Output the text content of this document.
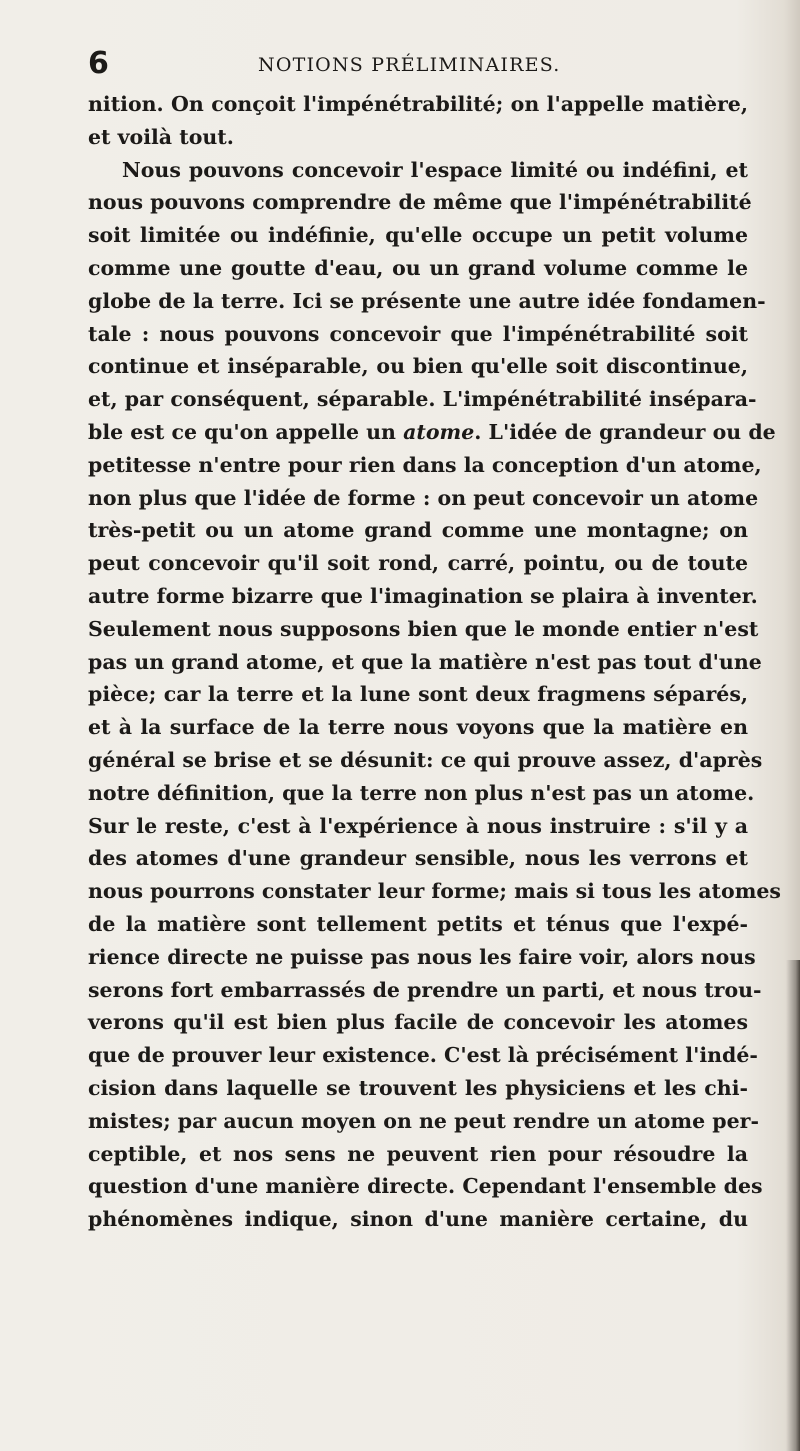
6	NOTIONS PRÉLIMINAIRES.
nition. On conçoit l'impénétrabilité; on l'appelle matière,
et voilà tout.
Nous pouvons concevoir l'espace limité ou indéfini, et
nous pouvons comprendre de même que l'impénétrabilité
soit limitée ou indéfinie, qu'elle occupe un petit volume
comme une goutte d'eau, ou un grand volume comme le
globe de la terre. Ici se présente une autre idée fondamen-
tale : nous pouvons concevoir que l'impénétrabilité soit
continue et inséparable, ou bien qu'elle soit discontinue,
et, par conséquent, séparable. L'impénétrabilité insépara-
ble est ce qu'on appelle un atome. L'idée de grandeur ou de
petitesse n'entre pour rien dans la conception d'un atome,
non plus que l'idée de forme : on peut concevoir un atome
très-petit ou un atome grand comme une montagne; on
peut concevoir qu'il soit rond, carré, pointu, ou de toute
autre forme bizarre que l'imagination se plaira à inventer.
Seulement nous supposons bien que le monde entier n'est
pas un grand atome, et que la matière n'est pas tout d'une
pièce; car la terre et la lune sont deux fragmens séparés,
et à la surface de la terre nous voyons que la matière en
général se brise et se désunit: ce qui prouve assez, d'après
notre définition, que la terre non plus n'est pas un atome.
Sur le reste, c'est à l'expérience à nous instruire : s'il y a
des atomes d'une grandeur sensible, nous les verrons et
nous pourrons constater leur forme; mais si tous les atomes
de la matière sont tellement petits et ténus que l'expé-
rience directe ne puisse pas nous les faire voir, alors nous
serons fort embarrassés de prendre un parti, et nous trou-
verons qu'il est bien plus facile de concevoir les atomes
que de prouver leur existence. C'est là précisément l'indé-
cision dans laquelle se trouvent les physiciens et les chi-
mistes; par aucun moyen on ne peut rendre un atome per-
ceptible, et nos sens ne peuvent rien pour résoudre la
question d'une manière directe. Cependant l'ensemble des
phénomènes indique, sinon d'une manière certaine, du
